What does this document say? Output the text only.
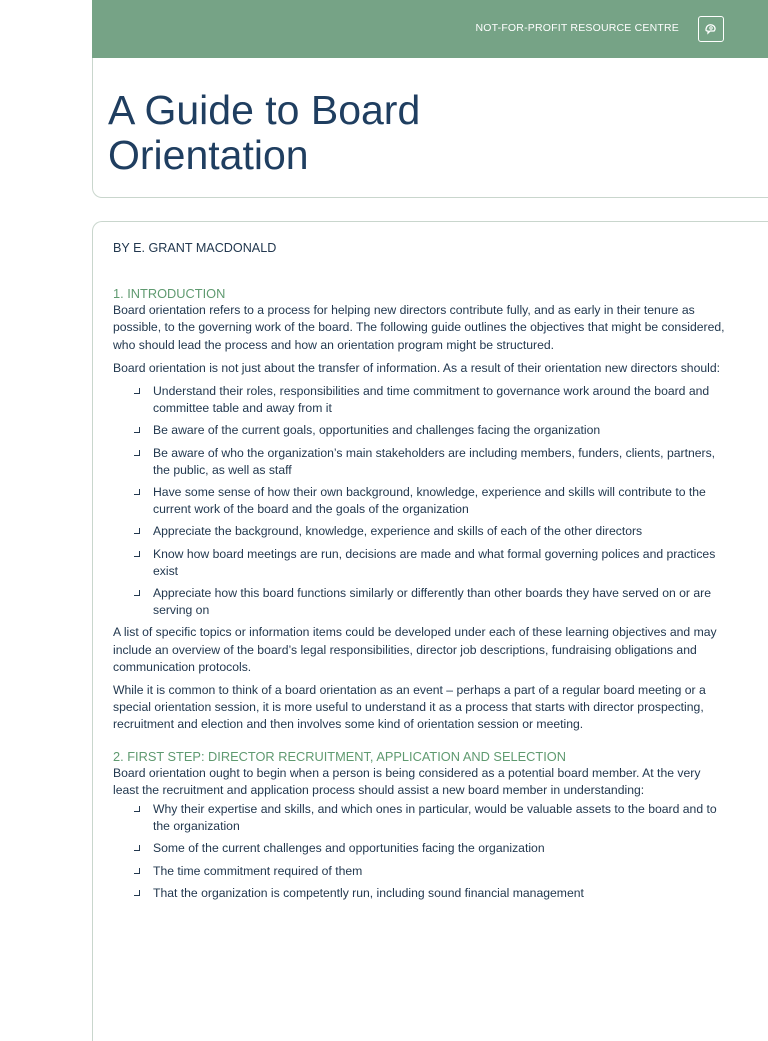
NOT-FOR-PROFIT RESOURCE CENTRE
A Guide to Board
Orientation

BY E. GRANT MACDONALD

1. INTRODUCTION

Board orientation refers to a process for helping new directors contribute fully, and as early in their tenure as possible, to the governing work of the board. The following guide outlines the objectives that might be considered, who should lead the process and how an orientation program might be structured.

Board orientation is not just about the transfer of information. As a result of their orientation new directors should:

Understand their roles, responsibilities and time commitment to governance work around the board and committee table and away from it
Be aware of the current goals, opportunities and challenges facing the organization
Be aware of who the organization’s main stakeholders are including members, funders, clients, partners, the public, as well as staff
Have some sense of how their own background, knowledge, experience and skills will contribute to the current work of the board and the goals of the organization
Appreciate the background, knowledge, experience and skills of each of the other directors
Know how board meetings are run, decisions are made and what formal governing polices and practices exist
Appreciate how this board functions similarly or differently than other boards they have served on or are serving on

A list of specific topics or information items could be developed under each of these learning objectives and may include an overview of the board’s legal responsibilities, director job descriptions, fundraising obligations and communication protocols.

While it is common to think of a board orientation as an event – perhaps a part of a regular board meeting or a special orientation session, it is more useful to understand it as a process that starts with director prospecting, recruitment and election and then involves some kind of orientation session or meeting.

2. FIRST STEP: DIRECTOR RECRUITMENT, APPLICATION AND SELECTION

Board orientation ought to begin when a person is being considered as a potential board member. At the very least the recruitment and application process should assist a new board member in understanding:

Why their expertise and skills, and which ones in particular, would be valuable assets to the board and to the organization
Some of the current challenges and opportunities facing the organization
The time commitment required of them
That the organization is competently run, including sound financial management
